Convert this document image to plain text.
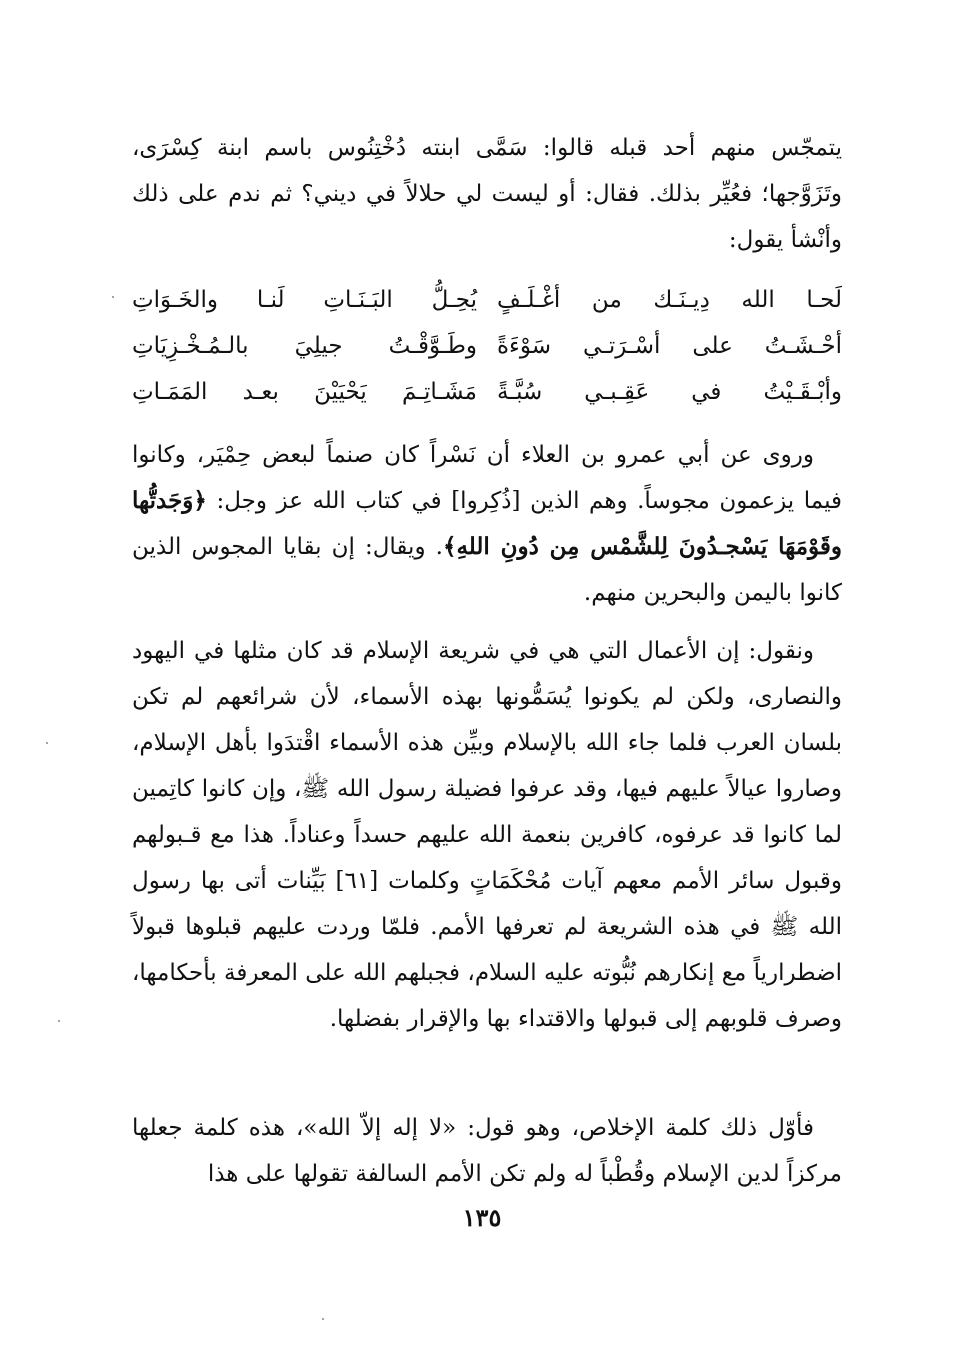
يتمجّس منهم أحد قبله قالوا: سَمَّى ابنته دُخْتِنُوس باسم ابنة كِسْرَى، وتَزَوَّجها؛ فعُيِّر بذلك. فقال: أو ليست لي حلالاً في ديني؟ ثم ندم على ذلك وأنْشأ يقول:

لَحـا الله دِيـنَـك من أغْـلَـفٍ
يُحِـلُّ البَـنَـاتِ لَنـا والخَـوَاتِ
أحْـشَـتُ على أسْـرَتـي سَوْءَةً
وطَـوَّقْـتُ جيلِيَ بالـمُـخْـزِيَاتِ
وأبْـقَـيْتُ في عَقِـبـي سُبَّـةً
مَشَـاتِـمَ يَحْيَيْنَ بعـد المَمَـاتِ

وروى عن أبي عمرو بن العلاء أن نَسْراً كان صنماً لبعض حِمْيَر، وكانوا فيما يزعمون مجوساً. وهم الذين [ذُكِروا] في كتاب الله عز وجل: ﴿وَجَدتُّها وقَوْمَهَا يَسْجـدُونَ لِلشَّمْس مِن دُونِ اللهِ﴾. ويقال: إن بقايا المجوس الذين كانوا باليمن والبحرين منهم.

ونقول: إن الأعمال التي هي في شريعة الإسلام قد كان مثلها في اليهود والنصارى، ولكن لم يكونوا يُسَمُّونها بهذه الأسماء، لأن شرائعهم لم تكن بلسان العرب فلما جاء الله بالإسلام وبيِّن هذه الأسماء اقْتدَوا بأهل الإسلام، وصاروا عيالاً عليهم فيها، وقد عرفوا فضيلة رسول الله ﷺ، وإن كانوا كاتِمين لما كانوا قد عرفوه، كافرين بنعمة الله عليهم حسداً وعناداً. هذا مع قـبولهم وقبول سائر الأمم معهم آيات مُحْكَمَاتٍ وكلمات [٦١] بَيِّنات أتى بها رسول الله ﷺ في هذه الشريعة لم تعرفها الأمم. فلمّا وردت عليهم قبلوها قبولاً اضطرارياً مع إنكارهم نُبُّوته عليه السلام، فجبلهم الله على المعرفة بأحكامها، وصرف قلوبهم إلى قبولها والاقتداء بها والإقرار بفضلها.

فأوّل ذلك كلمة الإخلاص، وهو قول: «لا إله إلاّ الله»، هذه كلمة جعلها مركزاً لدين الإسلام وقُطْباً له ولم تكن الأمم السالفة تقولها على هذا

١٣٥
